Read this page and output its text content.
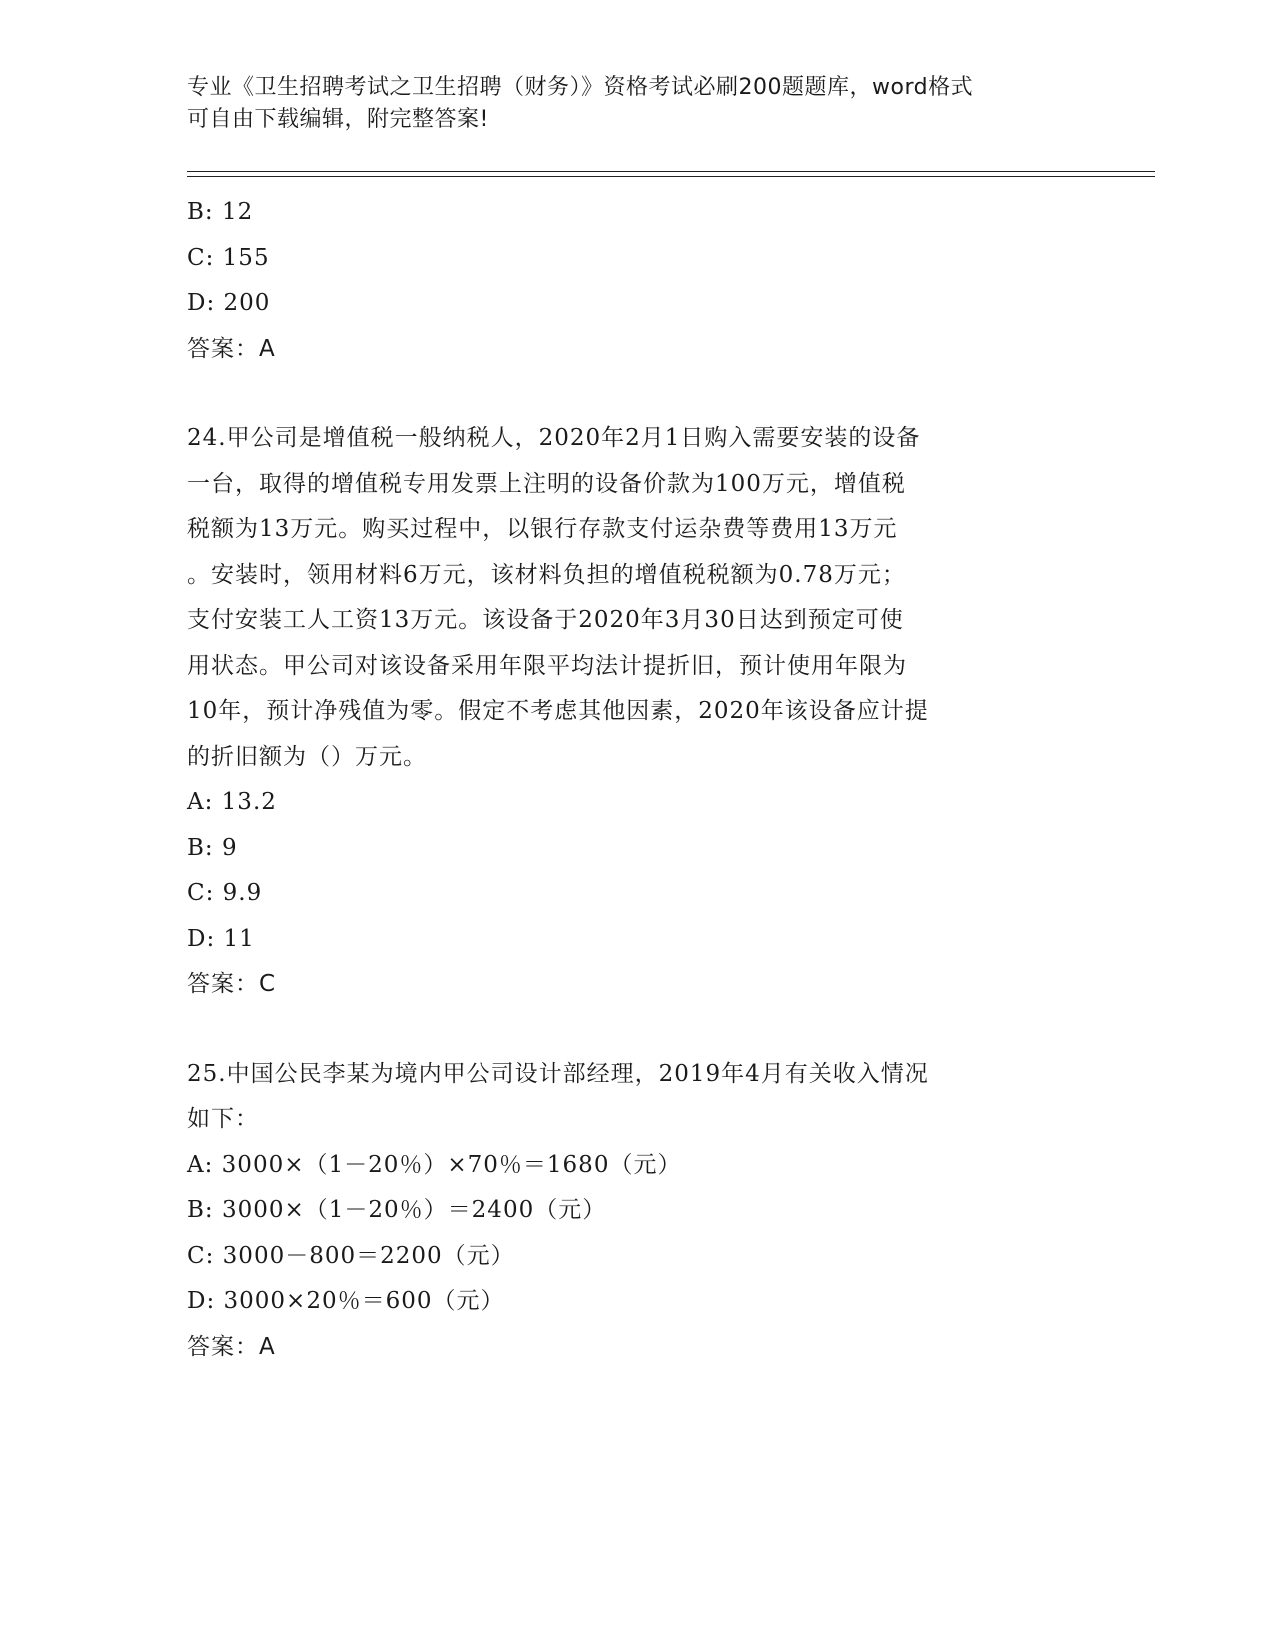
专业《卫生招聘考试之卫生招聘（财务）》资格考试必刷200题题库，word格式
可自由下载编辑，附完整答案!
B: 12
C: 155
D: 200
答案：A
24.甲公司是增值税一般纳税人，2020年2月1日购入需要安装的设备
一台，取得的增值税专用发票上注明的设备价款为100万元，增值税
税额为13万元。购买过程中，以银行存款支付运杂费等费用13万元
。安装时，领用材料6万元，该材料负担的增值税税额为0.78万元；
支付安装工人工资13万元。该设备于2020年3月30日达到预定可使
用状态。甲公司对该设备采用年限平均法计提折旧，预计使用年限为
10年，预计净残值为零。假定不考虑其他因素，2020年该设备应计提
的折旧额为（）万元。
A: 13.2
B: 9
C: 9.9
D: 11
答案：C
25.中国公民李某为境内甲公司设计部经理，2019年4月有关收入情况
如下：
A: 3000×（1－20％）×70％＝1680（元）
B: 3000×（1－20％）＝2400（元）
C: 3000－800＝2200（元）
D: 3000×20％＝600（元）
答案：A
